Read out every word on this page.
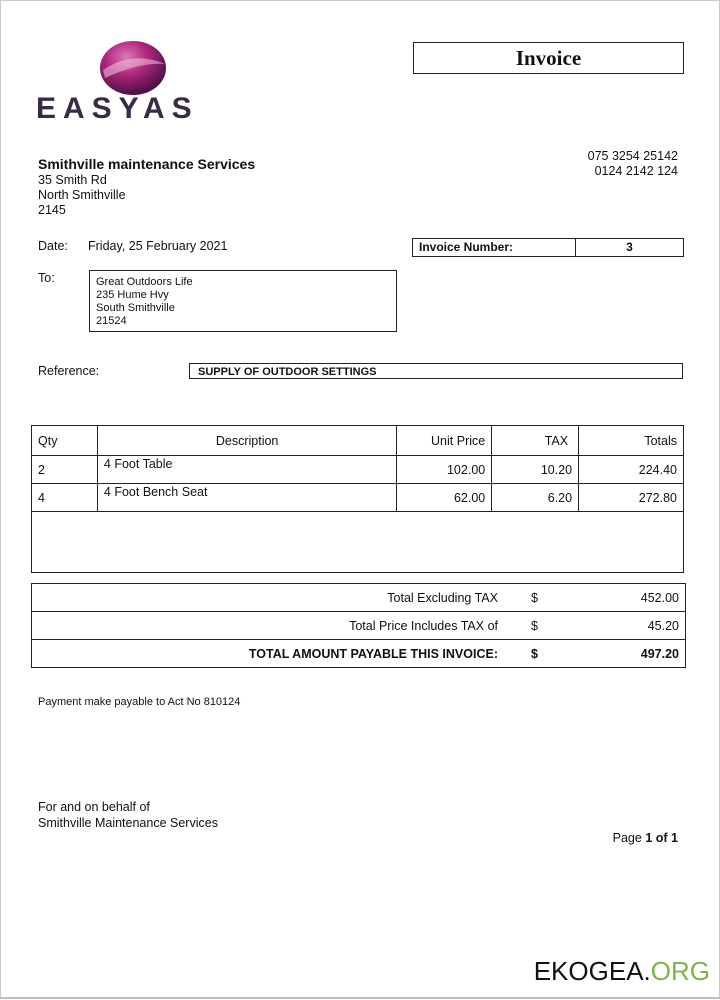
EASYAS
Invoice
Smithville maintenance Services
35 Smith Rd
North Smithville
2145
075 3254 25142
0124 2142 124
Date: Friday, 25 February 2021	Invoice Number:	3
To:	Great Outdoors Life
235 Hume Hvy
South Smithville
21524
Reference:	SUPPLY OF OUTDOOR SETTINGS
Qty	Description	Unit Price	TAX	Totals
2	4 Foot Table	102.00	10.20	224.40
4	4 Foot Bench Seat	62.00	6.20	272.80

Total Excluding TAX	$	452.00
Total Price Includes TAX of	$	45.20
TOTAL AMOUNT PAYABLE THIS INVOICE:	$	497.20
Payment make payable to Act No 810124
For and on behalf of
Smithville Maintenance Services
Page 1 of 1
EKOGEA.ORG
